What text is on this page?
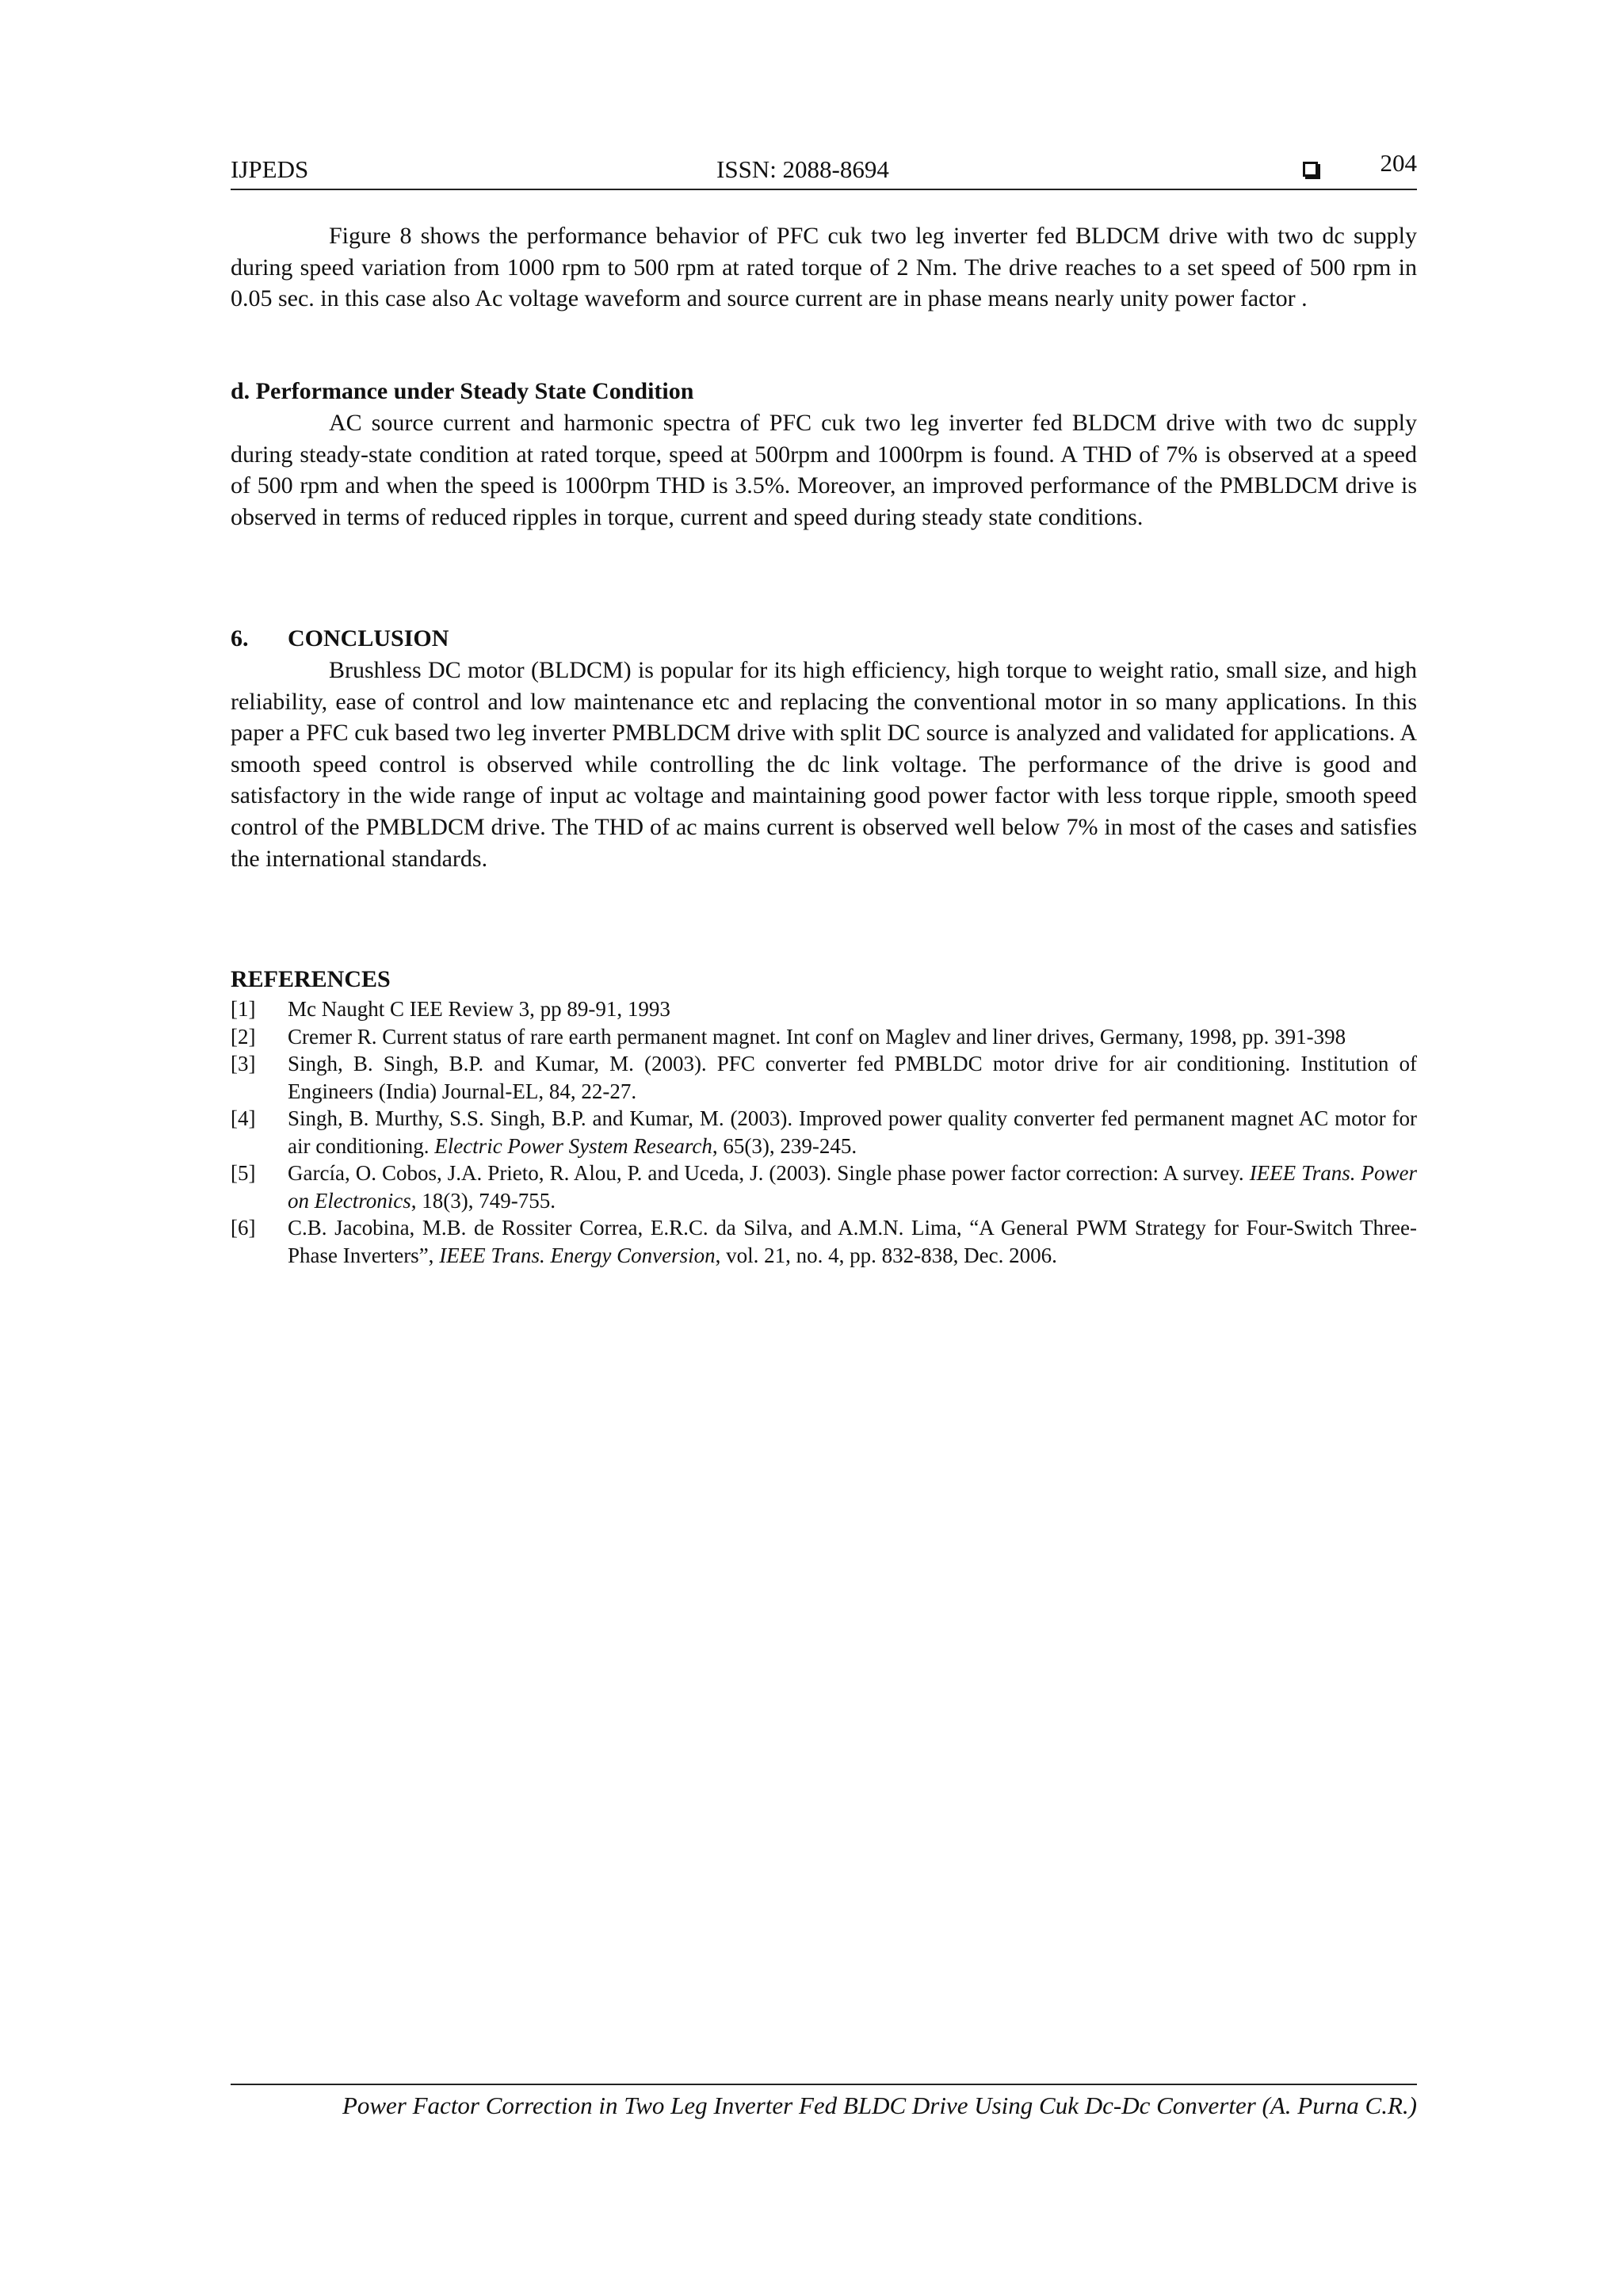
IJPEDS	ISSN: 2088-8694	204

Figure 8 shows the performance behavior of PFC cuk two leg inverter fed BLDCM drive with two dc supply during speed variation from 1000 rpm to 500 rpm at rated torque of 2 Nm. The drive reaches to a set speed of 500 rpm in 0.05 sec. in this case also Ac voltage waveform and source current are in phase means nearly unity power factor .

d. Performance under Steady State Condition

AC source current and harmonic spectra of PFC cuk two leg inverter fed BLDCM drive with two dc supply during steady-state condition at rated torque, speed at 500rpm and 1000rpm is found. A THD of 7% is observed at a speed of 500 rpm and when the speed is 1000rpm THD is 3.5%. Moreover, an improved performance of the PMBLDCM drive is observed in terms of reduced ripples in torque, current and speed during steady state conditions.

6. CONCLUSION

Brushless DC motor (BLDCM) is popular for its high efficiency, high torque to weight ratio, small size, and high reliability, ease of control and low maintenance etc and replacing the conventional motor in so many applications. In this paper a PFC cuk based two leg inverter PMBLDCM drive with split DC source is analyzed and validated for applications. A smooth speed control is observed while controlling the dc link voltage. The performance of the drive is good and satisfactory in the wide range of input ac voltage and maintaining good power factor with less torque ripple, smooth speed control of the PMBLDCM drive. The THD of ac mains current is observed well below 7% in most of the cases and satisfies the international standards.

REFERENCES
[1] Mc Naught C IEE Review 3, pp 89-91, 1993
[2] Cremer R. Current status of rare earth permanent magnet. Int conf on Maglev and liner drives, Germany, 1998, pp. 391-398
[3] Singh, B. Singh, B.P. and Kumar, M. (2003). PFC converter fed PMBLDC motor drive for air conditioning. Institution of Engineers (India) Journal-EL, 84, 22-27.
[4] Singh, B. Murthy, S.S. Singh, B.P. and Kumar, M. (2003). Improved power quality converter fed permanent magnet AC motor for air conditioning. Electric Power System Research, 65(3), 239-245.
[5] García, O. Cobos, J.A. Prieto, R. Alou, P. and Uceda, J. (2003). Single phase power factor correction: A survey. IEEE Trans. Power on Electronics, 18(3), 749-755.
[6] C.B. Jacobina, M.B. de Rossiter Correa, E.R.C. da Silva, and A.M.N. Lima, “A General PWM Strategy for Four-Switch Three-Phase Inverters”, IEEE Trans. Energy Conversion, vol. 21, no. 4, pp. 832-838, Dec. 2006.
Power Factor Correction in Two Leg Inverter Fed BLDC Drive Using Cuk Dc-Dc Converter (A. Purna C.R.)
